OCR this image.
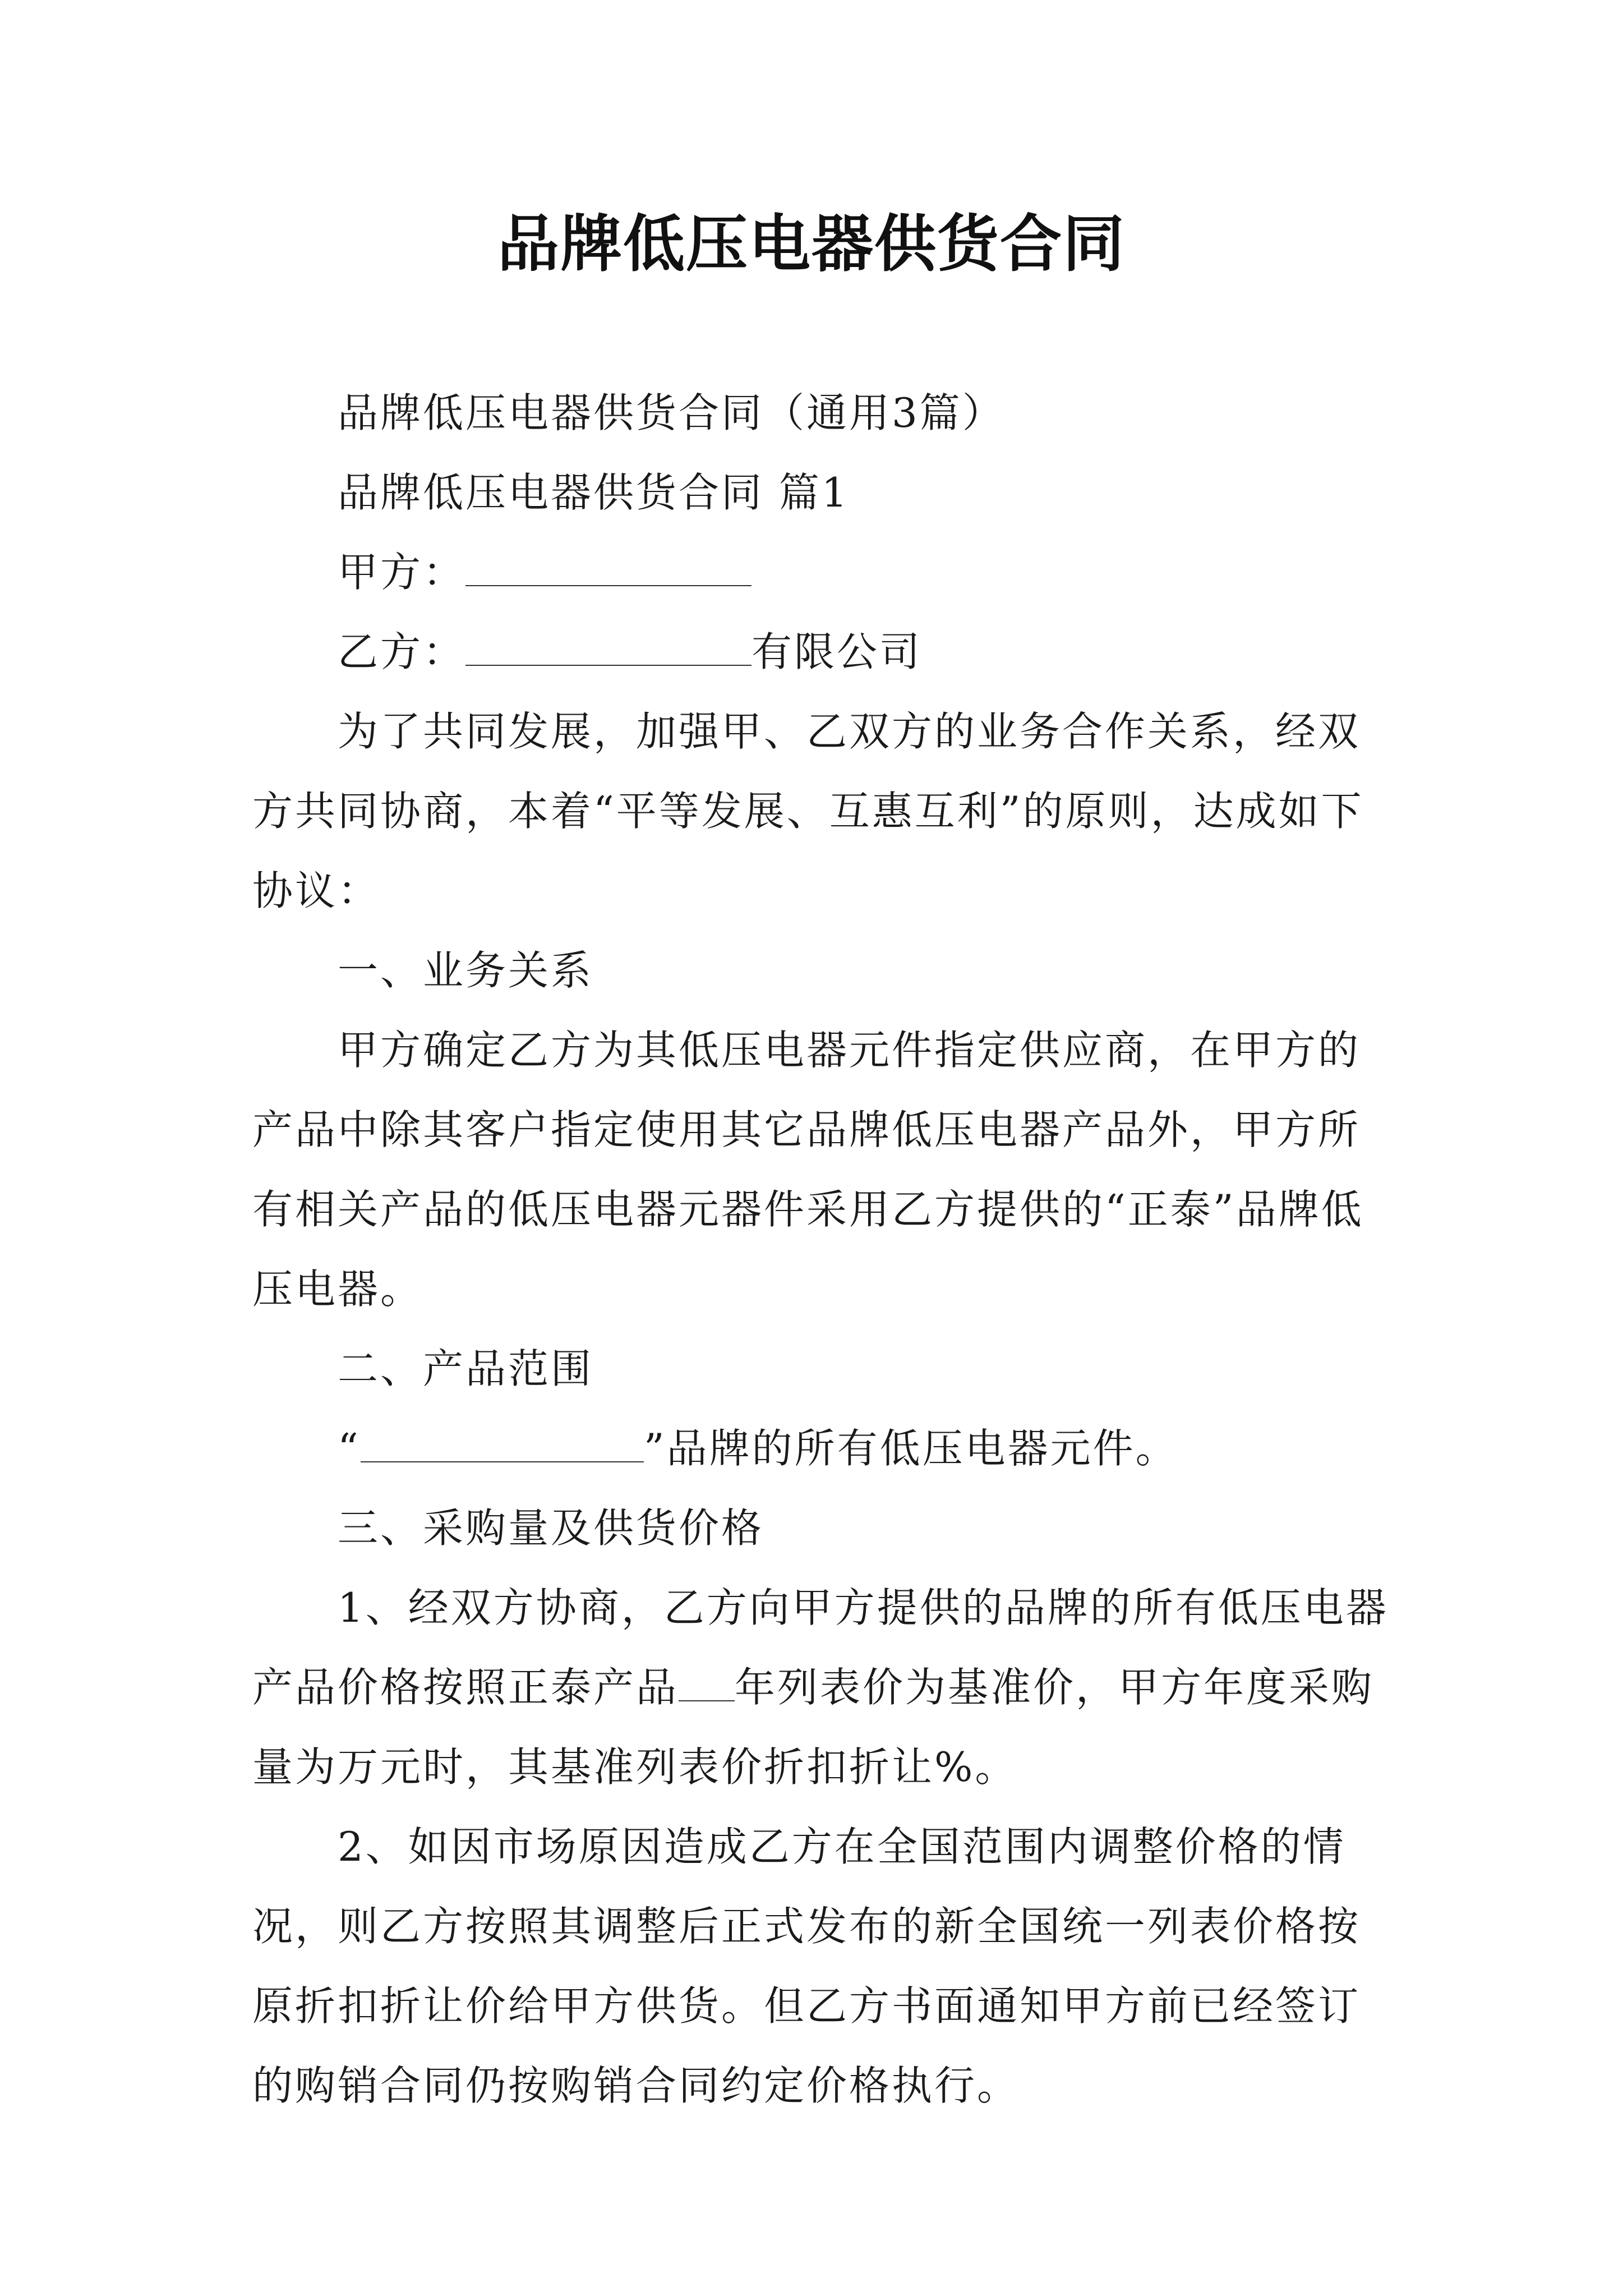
品牌低压电器供货合同

品牌低压电器供货合同（通用3篇）

品牌低压电器供货合同 篇1

甲方：

乙方：	有限公司

为了共同发展，加强甲、乙双方的业务合作关系，经双方共同协商，本着“平等发展、互惠互利”的原则，达成如下协议：

一、业务关系

甲方确定乙方为其低压电器元件指定供应商，在甲方的产品中除其客户指定使用其它品牌低压电器产品外，甲方所有相关产品的低压电器元器件采用乙方提供的“正泰”品牌低压电器。

二、产品范围

“	”品牌的所有低压电器元件。

三、采购量及供货价格

1、经双方协商，乙方向甲方提供的品牌的所有低压电器产品价格按照正泰产品 年列表价为基准价，甲方年度采购量为万元时，其基准列表价折扣折让%。

2、如因市场原因造成乙方在全国范围内调整价格的情况，则乙方按照其调整后正式发布的新全国统一列表价格按原折扣折让价给甲方供货。但乙方书面通知甲方前已经签订的购销合同仍按购销合同约定价格执行。
